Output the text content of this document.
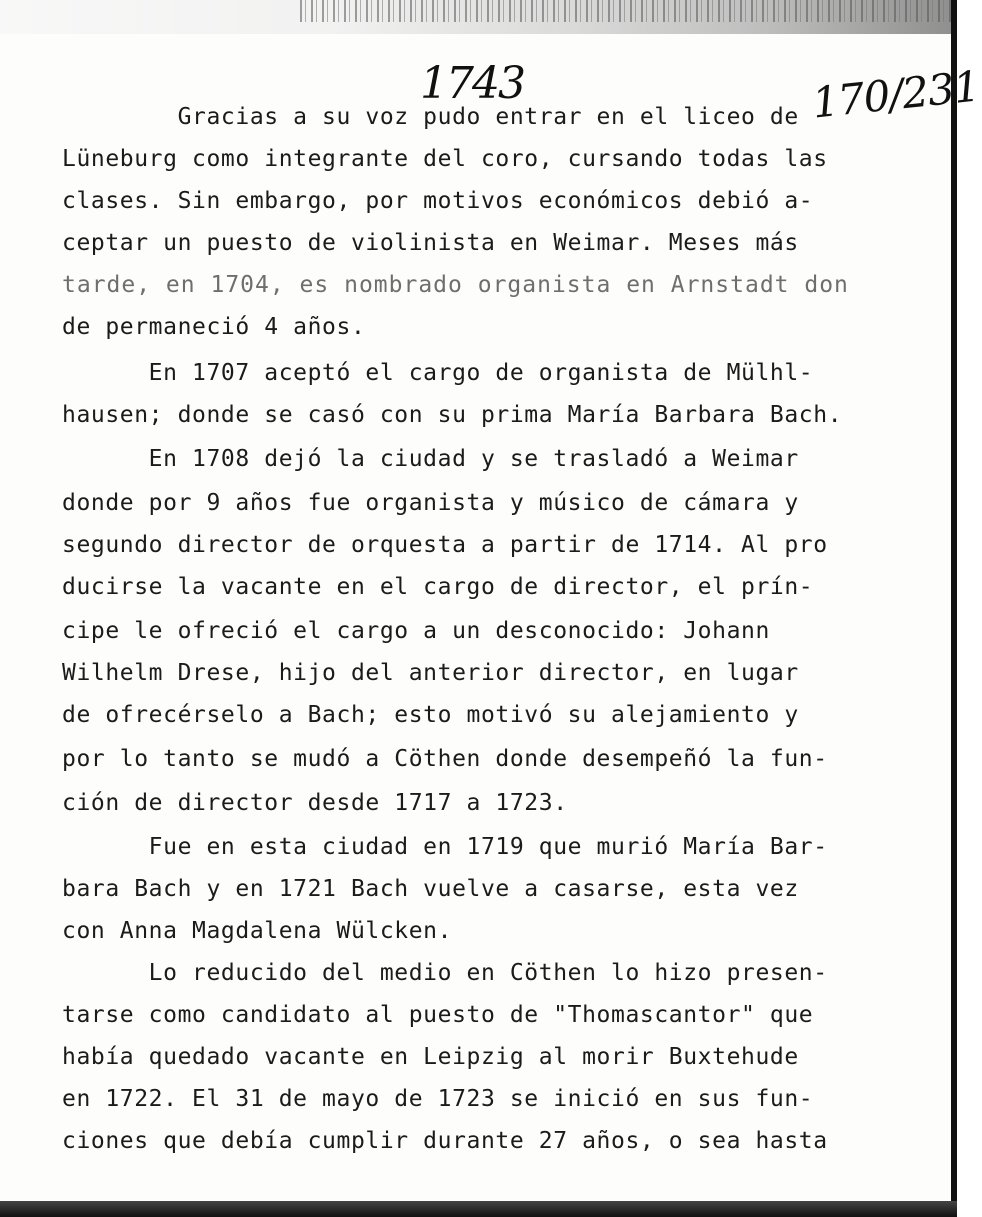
1743	170/231
Gracias a su voz pudo entrar en el liceo de
Lüneburg como integrante del coro, cursando todas las
clases. Sin embargo, por motivos económicos debió a-
ceptar un puesto de violinista en Weimar. Meses más
tarde, en 1704, es nombrado organista en Arnstadt don
de permaneció 4 años.
En 1707 aceptó el cargo de organista de Mülhl-
hausen; donde se casó con su prima María Barbara Bach.
En 1708 dejó la ciudad y se trasladó a Weimar
donde por 9 años fue organista y músico de cámara y
segundo director de orquesta a partir de 1714. Al pro
ducirse la vacante en el cargo de director, el prín-
cipe le ofreció el cargo a un desconocido: Johann
Wilhelm Drese, hijo del anterior director, en lugar
de ofrecérselo a Bach; esto motivó su alejamiento y
por lo tanto se mudó a Cöthen donde desempeñó la fun-
ción de director desde 1717 a 1723.
Fue en esta ciudad en 1719 que murió María Bar-
bara Bach y en 1721 Bach vuelve a casarse, esta vez
con Anna Magdalena Wülcken.
Lo reducido del medio en Cöthen lo hizo presen-
tarse como candidato al puesto de "Thomascantor" que
había quedado vacante en Leipzig al morir Buxtehude
en 1722. El 31 de mayo de 1723 se inició en sus fun-
ciones que debía cumplir durante 27 años, o sea hasta
